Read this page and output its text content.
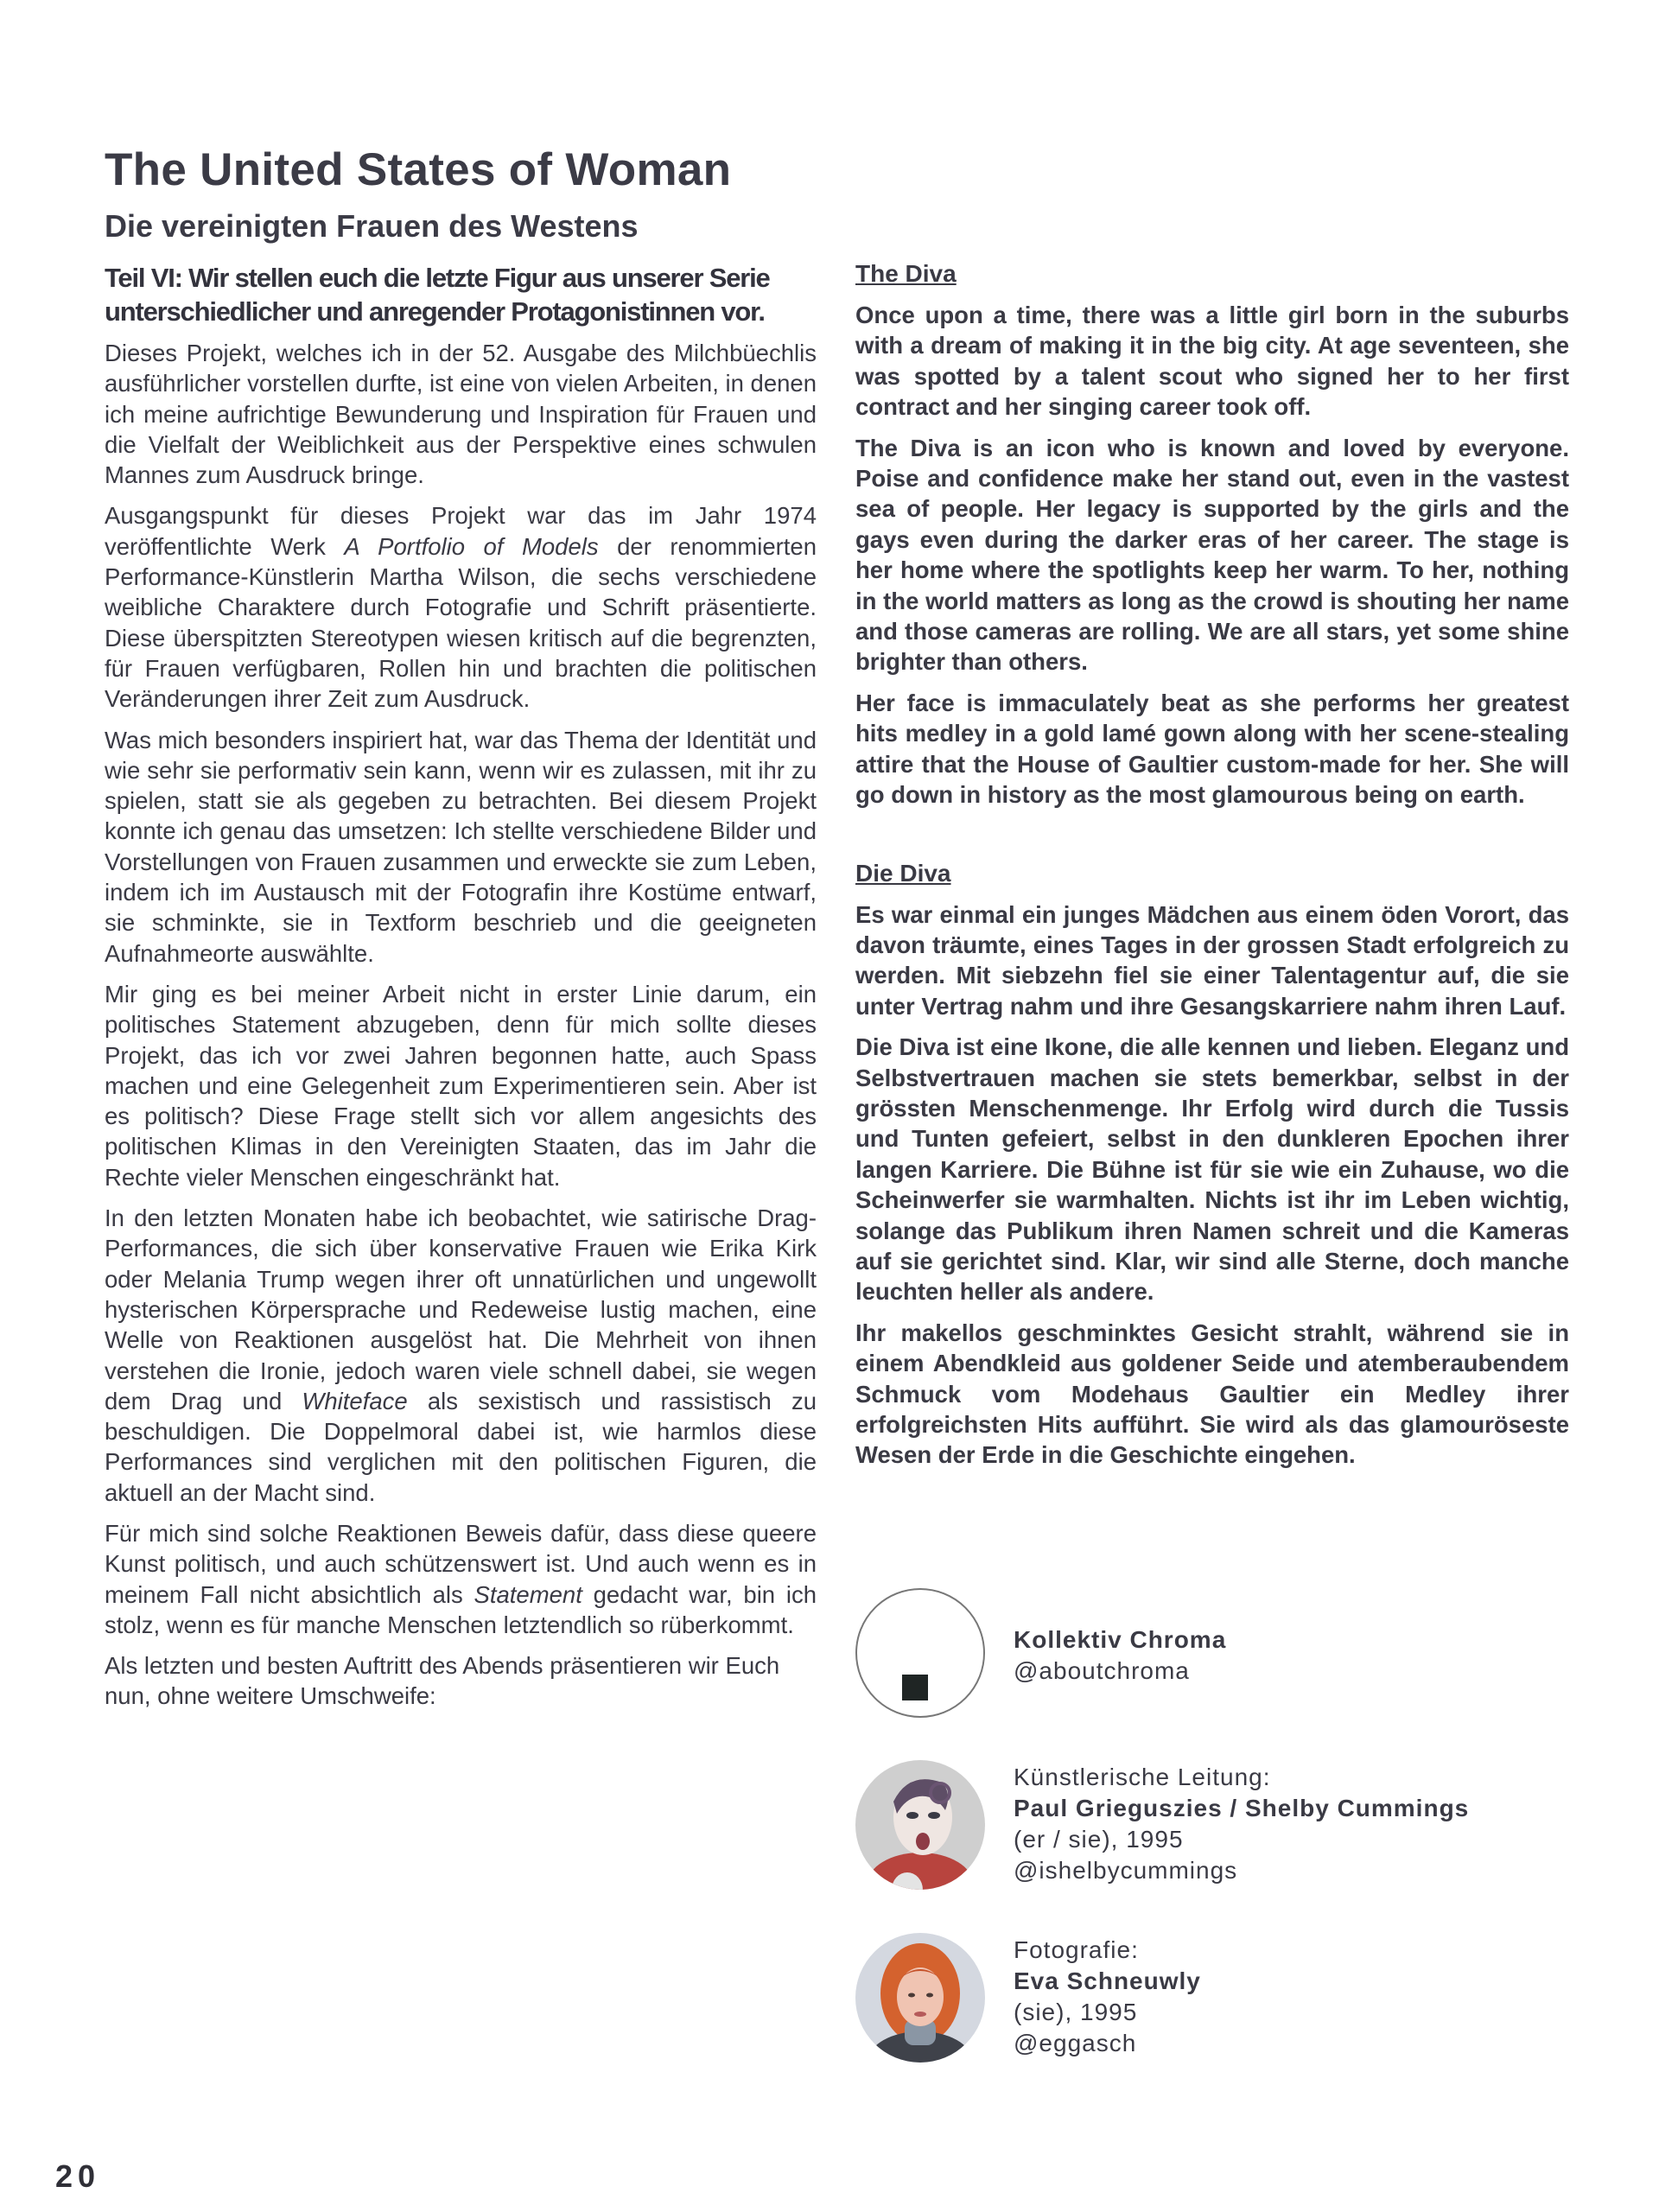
The United States of Woman
Die vereinigten Frauen des Westens

Teil VI: Wir stellen euch die letzte Figur aus unserer Serie unterschiedlicher und anregender Protagonistinnen vor.

Dieses Projekt, welches ich in der 52. Ausgabe des Milchbüechlis ausführlicher vorstellen durfte, ist eine von vielen Arbeiten, in denen ich meine aufrichtige Bewunderung und Inspiration für Frauen und die Vielfalt der Weiblichkeit aus der Perspektive eines schwulen Mannes zum Ausdruck bringe.

Ausgangspunkt für dieses Projekt war das im Jahr 1974 veröffentlichte Werk A Portfolio of Models der renommierten Performance-Künstlerin Martha Wilson, die sechs verschiedene weibliche Charaktere durch Fotografie und Schrift präsentierte. Diese überspitzten Stereotypen wiesen kritisch auf die begrenzten, für Frauen verfügbaren, Rollen hin und brachten die politischen Veränderungen ihrer Zeit zum Ausdruck.

Was mich besonders inspiriert hat, war das Thema der Identität und wie sehr sie performativ sein kann, wenn wir es zulassen, mit ihr zu spielen, statt sie als gegeben zu betrachten. Bei diesem Projekt konnte ich genau das umsetzen: Ich stellte verschiedene Bilder und Vorstellungen von Frauen zusammen und erweckte sie zum Leben, indem ich im Austausch mit der Fotografin ihre Kostüme entwarf, sie schminkte, sie in Textform beschrieb und die geeigneten Aufnahmeorte auswählte.

Mir ging es bei meiner Arbeit nicht in erster Linie darum, ein politisches Statement abzugeben, denn für mich sollte dieses Projekt, das ich vor zwei Jahren begonnen hatte, auch Spass machen und eine Gelegenheit zum Experimentieren sein. Aber ist es politisch? Diese Frage stellt sich vor allem angesichts des politischen Klimas in den Vereinigten Staaten, das im Jahr die Rechte vieler Menschen eingeschränkt hat.

In den letzten Monaten habe ich beobachtet, wie satirische Drag-Performances, die sich über konservative Frauen wie Erika Kirk oder Melania Trump wegen ihrer oft unnatürlichen und ungewollt hysterischen Körpersprache und Redeweise lustig machen, eine Welle von Reaktionen ausgelöst hat. Die Mehrheit von ihnen verstehen die Ironie, jedoch waren viele schnell dabei, sie wegen dem Drag und Whiteface als sexistisch und rassistisch zu beschuldigen. Die Doppelmoral dabei ist, wie harmlos diese Performances sind verglichen mit den politischen Figuren, die aktuell an der Macht sind.

Für mich sind solche Reaktionen Beweis dafür, dass diese queere Kunst politisch, und auch schützenswert ist. Und auch wenn es in meinem Fall nicht absichtlich als Statement gedacht war, bin ich stolz, wenn es für manche Menschen letztendlich so rüberkommt.

Als letzten und besten Auftritt des Abends präsentieren wir Euch nun, ohne weitere Umschweife:

The Diva

Once upon a time, there was a little girl born in the suburbs with a dream of making it in the big city. At age seventeen, she was spotted by a talent scout who signed her to her first contract and her singing career took off.

The Diva is an icon who is known and loved by everyone. Poise and confidence make her stand out, even in the vastest sea of people. Her legacy is supported by the girls and the gays even during the darker eras of her career. The stage is her home where the spotlights keep her warm. To her, nothing in the world matters as long as the crowd is shouting her name and those cameras are rolling. We are all stars, yet some shine brighter than others.

Her face is immaculately beat as she performs her greatest hits medley in a gold lamé gown along with her scene-stealing attire that the House of Gaultier custom-made for her. She will go down in history as the most glamourous being on earth.

Die Diva

Es war einmal ein junges Mädchen aus einem öden Vorort, das davon träumte, eines Tages in der grossen Stadt erfolgreich zu werden. Mit siebzehn fiel sie einer Talentagentur auf, die sie unter Vertrag nahm und ihre Gesangskarriere nahm ihren Lauf.

Die Diva ist eine Ikone, die alle kennen und lieben. Eleganz und Selbstvertrauen machen sie stets bemerkbar, selbst in der grössten Menschenmenge. Ihr Erfolg wird durch die Tussis und Tunten gefeiert, selbst in den dunkleren Epochen ihrer langen Karriere. Die Bühne ist für sie wie ein Zuhause, wo die Scheinwerfer sie warmhalten. Nichts ist ihr im Leben wichtig, solange das Publikum ihren Namen schreit und die Kameras auf sie gerichtet sind. Klar, wir sind alle Sterne, doch manche leuchten heller als andere.

Ihr makellos geschminktes Gesicht strahlt, während sie in einem Abendkleid aus goldener Seide und atemberaubendem Schmuck vom Modehaus Gaultier ein Medley ihrer erfolgreichsten Hits aufführt. Sie wird als das glamouröseste Wesen der Erde in die Geschichte eingehen.

Kollektiv Chroma
@aboutchroma
Künstlerische Leitung:
Paul Grieguszies / Shelby Cummings
(er / sie), 1995
@ishelbycummings
Fotografie:
Eva Schneuwly
(sie), 1995
@eggasch
20
